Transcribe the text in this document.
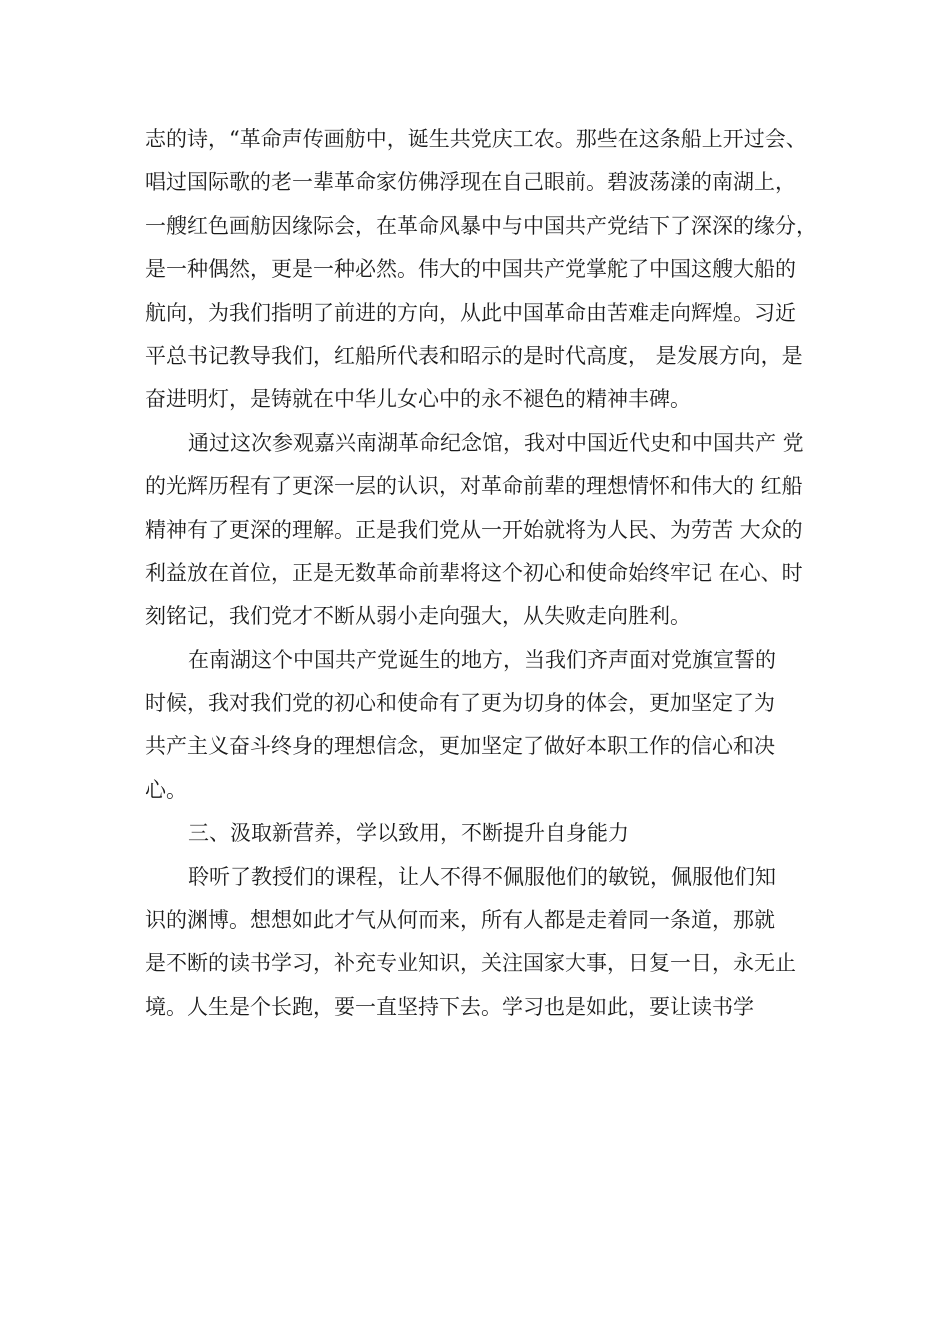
志的诗，“革命声传画舫中，诞生共党庆工农。那些在这条船上开过会、
唱过国际歌的老一辈革命家仿佛浮现在自己眼前。碧波荡漾的南湖上，
一艘红色画舫因缘际会，在革命风暴中与中国共产党结下了深深的缘分，
是一种偶然，更是一种必然。伟大的中国共产党掌舵了中国这艘大船的
航向，为我们指明了前进的方向，从此中国革命由苦难走向辉煌。习近
平总书记教导我们，红船所代表和昭示的是时代高度， 是发展方向，是
奋进明灯，是铸就在中华儿女心中的永不褪色的精神丰碑。
通过这次参观嘉兴南湖革命纪念馆，我对中国近代史和中国共产 党
的光辉历程有了更深一层的认识，对革命前辈的理想情怀和伟大的 红船
精神有了更深的理解。正是我们党从一开始就将为人民、为劳苦 大众的
利益放在首位，正是无数革命前辈将这个初心和使命始终牢记 在心、时
刻铭记，我们党才不断从弱小走向强大，从失败走向胜利。
在南湖这个中国共产党诞生的地方，当我们齐声面对党旗宣誓的
时候，我对我们党的初心和使命有了更为切身的体会，更加坚定了为
共产主义奋斗终身的理想信念，更加坚定了做好本职工作的信心和决
心。
三、汲取新营养，学以致用，不断提升自身能力
聆听了教授们的课程，让人不得不佩服他们的敏锐，佩服他们知
识的渊博。想想如此才气从何而来，所有人都是走着同一条道，那就
是不断的读书学习，补充专业知识，关注国家大事，日复一日，永无止
境。人生是个长跑，要一直坚持下去。学习也是如此，要让读书学
